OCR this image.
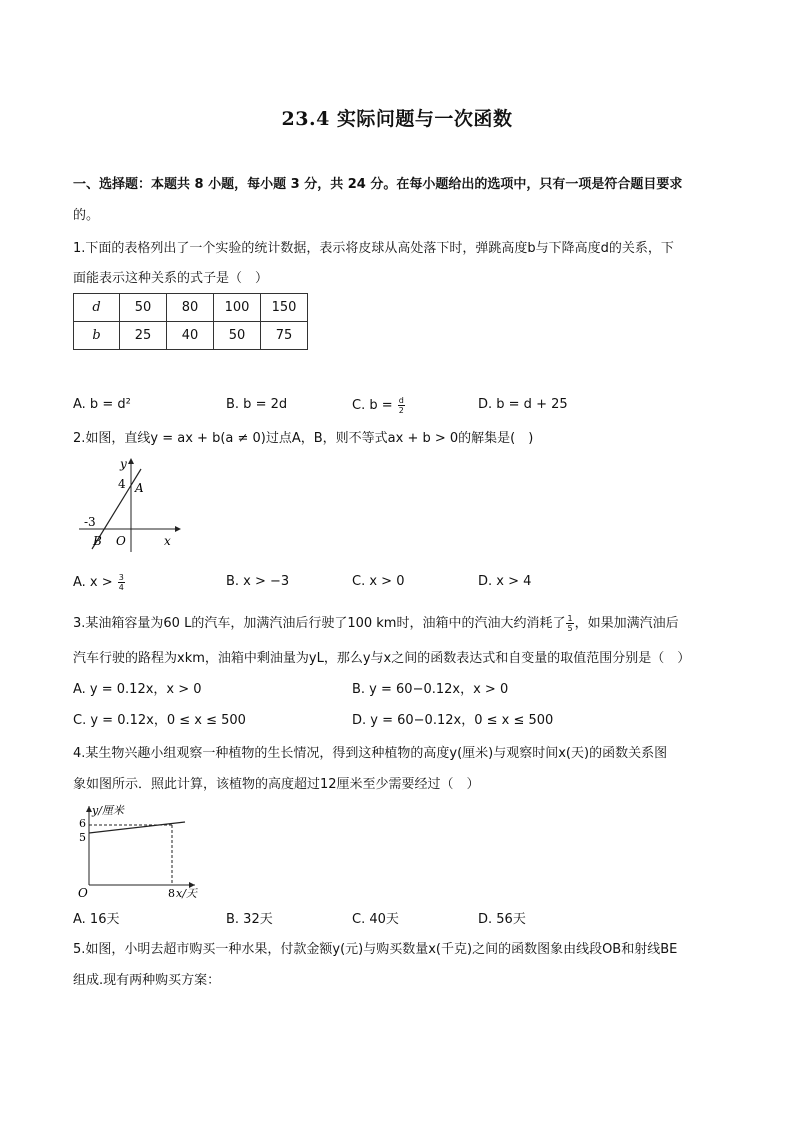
23.4 实际问题与一次函数
一、选择题：本题共 8 小题，每小题 3 分，共 24 分。在每小题给出的选项中，只有一项是符合题目要求
的。
1.下面的表格列出了一个实验的统计数据，表示将皮球从高处落下时，弹跳高度b与下降高度d的关系，下
面能表示这种关系的式子是（　）
d	50	80	100	150
b	25	40	50	75
A. b = d²	B. b = 2d	C. $b = \frac{d}{2}$	D. b = d + 25
2.如图，直线y = ax + b(a ≠ 0)过点A，B，则不等式ax + b > 0的解集是(　)
y
x
4
-3
A
B O
A. $x > \frac{3}{4}$	B. x > −3	C. x > 0	D. x > 4
3.某油箱容量为60 L的汽车，加满汽油后行驶了100 km时，油箱中的汽油大约消耗了 $\frac{1}{5}$ ，如果加满汽油后
汽车行驶的路程为xkm，油箱中剩油量为yL，那么y与x之间的函数表达式和自变量的取值范围分别是（　）
A. y = 0.12x，x > 0	B. y = 60−0.12x，x > 0
C. y = 0.12x，0 ≤ x ≤ 500	D. y = 60−0.12x，0 ≤ x ≤ 500
4.某生物兴趣小组观察一种植物的生长情况，得到这种植物的高度y(厘米)与观察时间x(天)的函数关系图
象如图所示．照此计算，该植物的高度超过12厘米至少需要经过（　）
y/厘米
6
5
O	8 x/天
A. 16天	B. 32天	C. 40天	D. 56天
5.如图，小明去超市购买一种水果，付款金额y(元)与购买数量x(千克)之间的函数图象由线段OB和射线BE
组成.现有两种购买方案：
